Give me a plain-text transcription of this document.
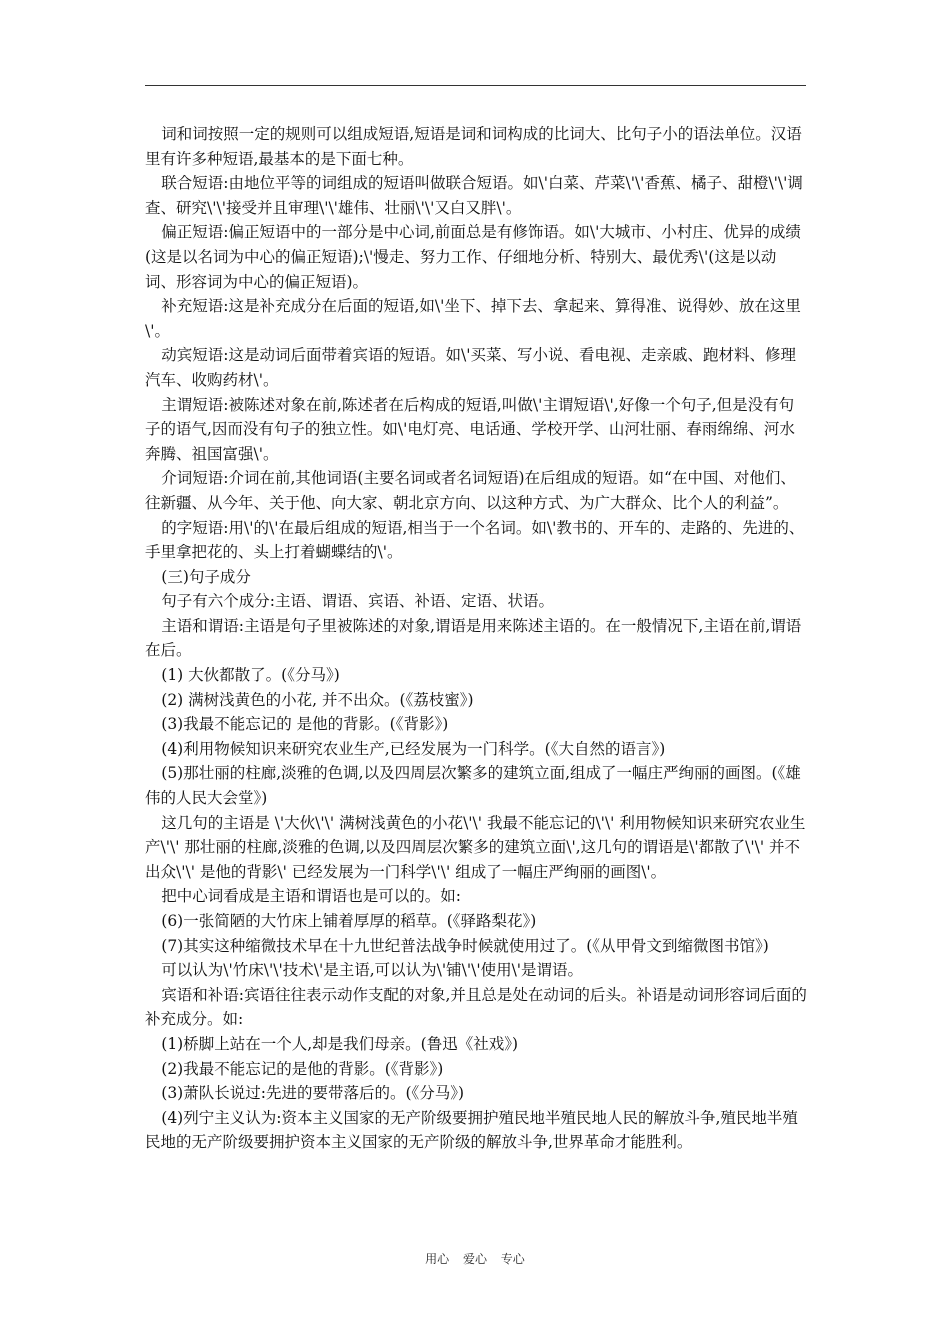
词和词按照一定的规则可以组成短语,短语是词和词构成的比词大、比句子小的语法单位。汉语里有许多种短语,最基本的是下面七种。

联合短语:由地位平等的词组成的短语叫做联合短语。如\'白菜、芹菜\'\'香蕉、橘子、甜橙\'\'调查、研究\'\'接受并且审理\'\'雄伟、壮丽\'\'又白又胖\'。

偏正短语:偏正短语中的一部分是中心词,前面总是有修饰语。如\'大城市、小村庄、优异的成绩(这是以名词为中心的偏正短语);\'慢走、努力工作、仔细地分析、特别大、最优秀\'(这是以动词、形容词为中心的偏正短语)。

补充短语:这是补充成分在后面的短语,如\'坐下、掉下去、拿起来、算得准、说得妙、放在这里\'。

动宾短语:这是动词后面带着宾语的短语。如\'买菜、写小说、看电视、走亲戚、跑材料、修理汽车、收购药材\'。

主谓短语:被陈述对象在前,陈述者在后构成的短语,叫做\'主谓短语\',好像一个句子,但是没有句子的语气,因而没有句子的独立性。如\'电灯亮、电话通、学校开学、山河壮丽、春雨绵绵、河水奔腾、祖国富强\'。

介词短语:介词在前,其他词语(主要名词或者名词短语)在后组成的短语。如“在中国、对他们、往新疆、从今年、关于他、向大家、朝北京方向、以这种方式、为广大群众、比个人的利益”。

的字短语:用\'的\'在最后组成的短语,相当于一个名词。如\'教书的、开车的、走路的、先进的、手里拿把花的、头上打着蝴蝶结的\'。

(三)句子成分

句子有六个成分:主语、谓语、宾语、补语、定语、状语。

主语和谓语:主语是句子里被陈述的对象,谓语是用来陈述主语的。在一般情况下,主语在前,谓语在后。

(1) 大伙都散了。(《分马》)

(2) 满树浅黄色的小花, 并不出众。(《荔枝蜜》)

(3)我最不能忘记的 是他的背影。(《背影》)

(4)利用物候知识来研究农业生产,已经发展为一门科学。(《大自然的语言》)

(5)那壮丽的柱廊,淡雅的色调,以及四周层次繁多的建筑立面,组成了一幅庄严绚丽的画图。(《雄伟的人民大会堂》)

这几句的主语是 \'大伙\'\' 满树浅黄色的小花\'\' 我最不能忘记的\'\' 利用物候知识来研究农业生产\'\' 那壮丽的柱廊,淡雅的色调,以及四周层次繁多的建筑立面\',这几句的谓语是\'都散了\'\' 并不出众\'\' 是他的背影\' 已经发展为一门科学\'\' 组成了一幅庄严绚丽的画图\'。

把中心词看成是主语和谓语也是可以的。如:

(6)一张简陋的大竹床上铺着厚厚的稻草。(《驿路梨花》)

(7)其实这种缩微技术早在十九世纪普法战争时候就使用过了。(《从甲骨文到缩微图书馆》)

可以认为\'竹床\'\'技术\'是主语,可以认为\'铺\'\'使用\'是谓语。

宾语和补语:宾语往往表示动作支配的对象,并且总是处在动词的后头。补语是动词形容词后面的补充成分。如:

(1)桥脚上站在一个人,却是我们母亲。(鲁迅《社戏》)

(2)我最不能忘记的是他的背影。(《背影》)

(3)萧队长说过:先进的要带落后的。(《分马》)

(4)列宁主义认为:资本主义国家的无产阶级要拥护殖民地半殖民地人民的解放斗争,殖民地半殖民地的无产阶级要拥护资本主义国家的无产阶级的解放斗争,世界革命才能胜利。

用心 爱心 专心
